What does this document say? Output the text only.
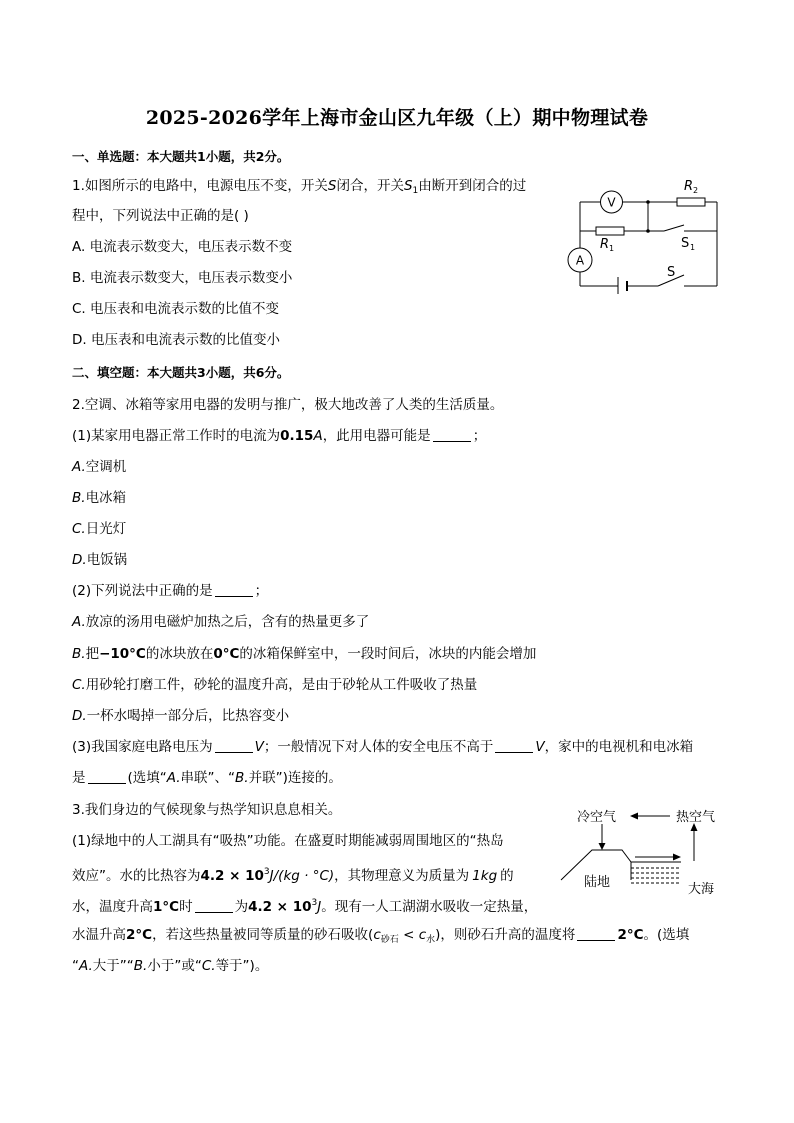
2025-2026学年上海市金山区九年级（上）期中物理试卷
一、单选题：本大题共1小题，共2分。
1.如图所示的电路中，电源电压不变，开关S闭合，开关$S_1$由断开到闭合的过
程中，下列说法中正确的是( )
A. 电流表示数变大，电压表示数不变
B. 电流表示数变大，电压表示数变小
C. 电压表和电流表示数的比值不变
D. 电压表和电流表示数的比值变小
V
A
R 2
R 1	S 1
S
二、填空题：本大题共3小题，共6分。
2.空调、冰箱等家用电器的发明与推广，极大地改善了人类的生活质量。
(1)某家用电器正常工作时的电流为0.15A，此用电器可能是	；
A.空调机
B.电冰箱
C.日光灯
D.电饭锅
(2)下列说法中正确的是	；
A.放凉的汤用电磁炉加热之后，含有的热量更多了
B.把−10°C的冰块放在0°C的冰箱保鲜室中，一段时间后，冰块的内能会增加
C.用砂轮打磨工件，砂轮的温度升高，是由于砂轮从工件吸收了热量
D.一杯水喝掉一部分后，比热容变小
(3)我国家庭电路电压为	V；一般情况下对人体的安全电压不高于	V，家中的电视机和电冰箱
是	(选填“A.串联”、“B.并联”)连接的。
3.我们身边的气候现象与热学知识息息相关。
(1)绿地中的人工湖具有“吸热”功能。在盛夏时期能减弱周围地区的“热岛
效应”。水的比热容为$4.2 \times 10^3J/(kg \cdot ^\circ C)$，其物理意义为质量为 1kg 的
水，温度升高1°C时	为$4.2 \times 10^3J$。现有一人工湖湖水吸收一定热量，
水温升高2°C，若这些热量被同等质量的砂石吸收$(c_{砂石} < c_水)$，则砂石升高的温度将	2°C。(选填
“A.大于”“B.小于”或“C.等于”)。
冷空气	热空气
陆地	大海
